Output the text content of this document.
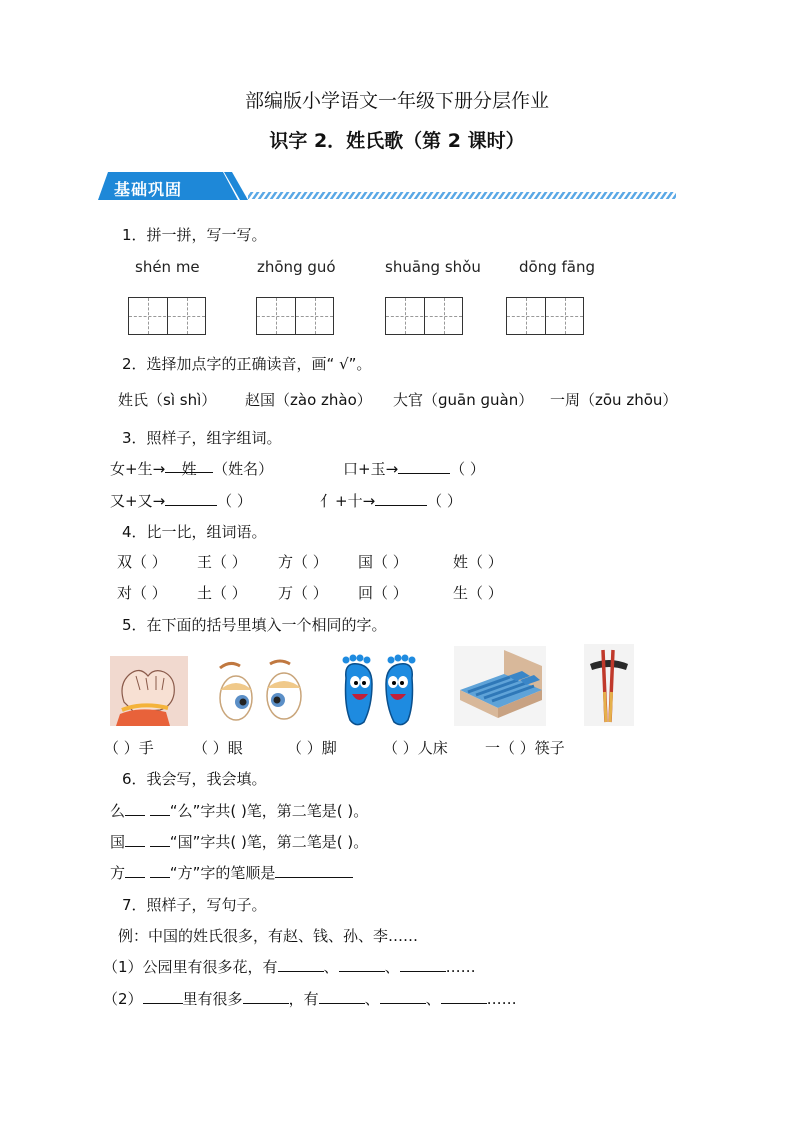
部编版小学语文一年级下册分层作业
识字 2．姓氏歌（第 2 课时）
基础巩固
1．拼一拼，写一写。
shén me	zhōng guó	shuāng shǒu	dōng fāng
2．选择加点字的正确读音，画“ √”。
姓氏（sì shì） 赵国（zào zhào） 大官（ɡuān ɡuàn） 一周（zōu zhōu）
3．照样子，组字组词。
女+生→ 姓 （姓名）	口+玉→	（ ）
又+又→	（ ）	亻+十→	（ ）
4．比一比，组词语。
双（ ） 王（ ） 方（ ） 国（ ）	姓（ ）
对（ ） 土（ ） 万（ ） 回（ ）	生（ ）
5．在下面的括号里填入一个相同的字。
（ ）手	（ ）眼	（ ）脚	（ ）人床 一（ ）筷子
6．我会写，我会填。
么	“么”字共( )笔，第二笔是( )。
国	“国”字共( )笔，第二笔是( )。
方	“方”字的笔顺是
7．照样子，写句子。
例：中国的姓氏很多，有赵、钱、孙、李……
（1）公园里有很多花，有	、	、	……
（2）	里有很多	，有	、	、	……
